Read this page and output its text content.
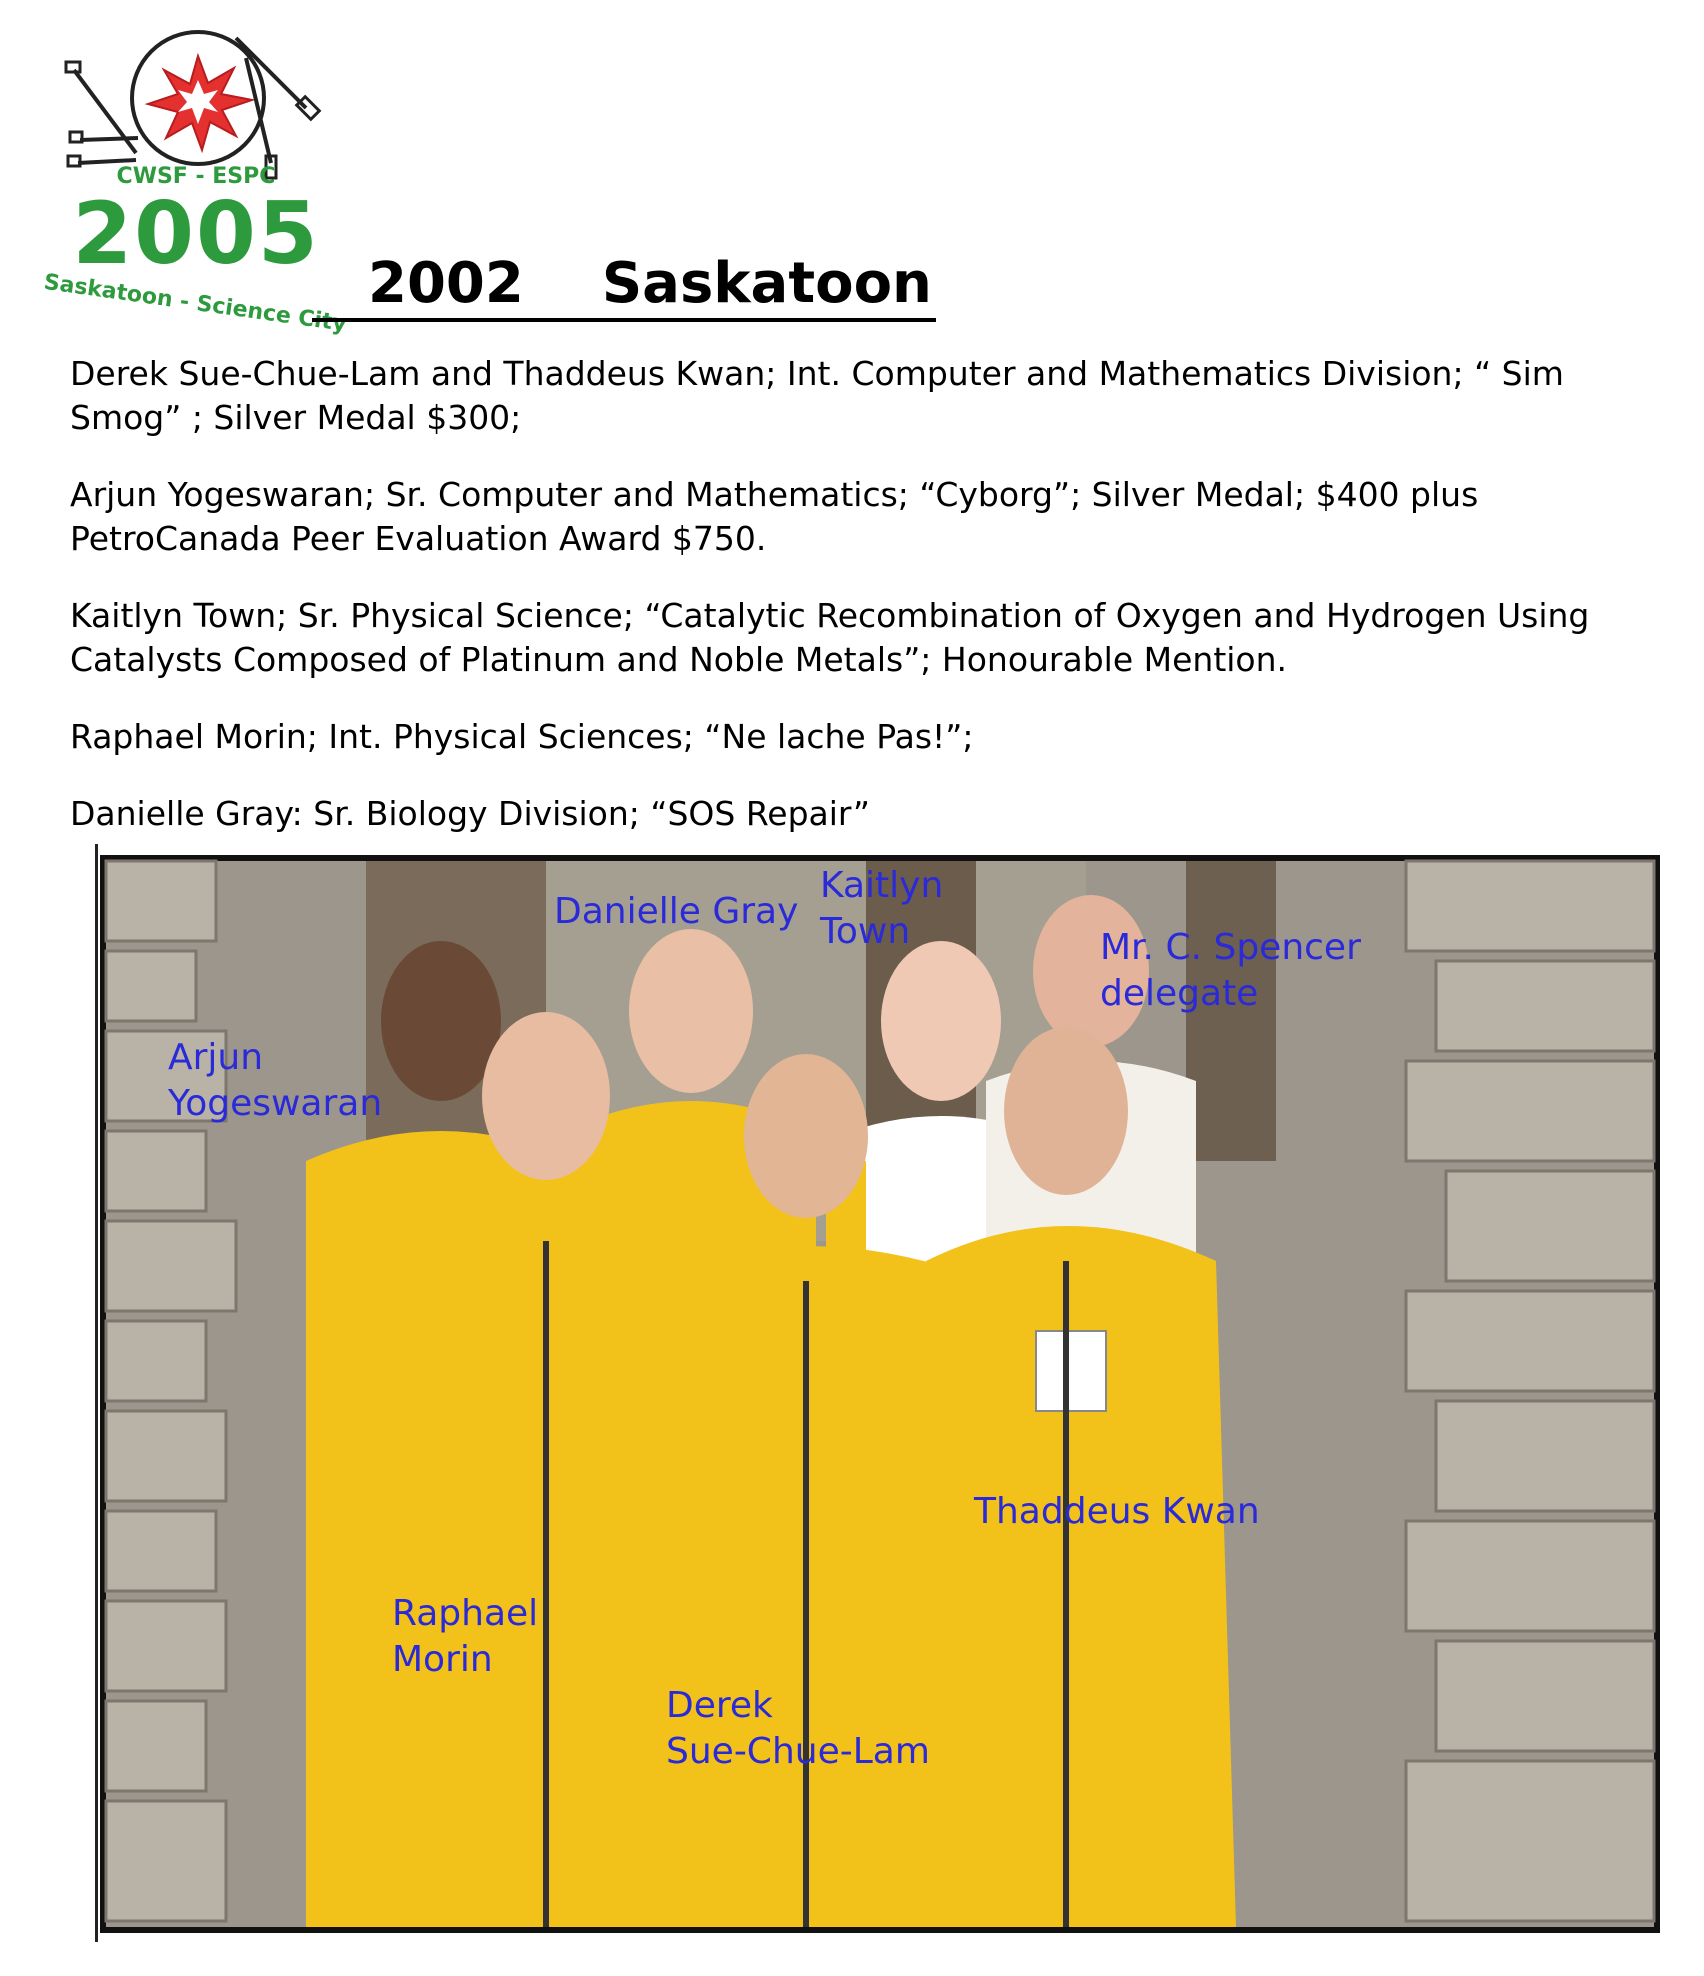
CWSF - ESPC
2005
Saskatoon - Science City 2002 Saskatoon

Derek Sue-Chue-Lam and Thaddeus Kwan; Int. Computer and Mathematics Division; “ Sim Smog” ; Silver Medal $300;

Arjun Yogeswaran; Sr. Computer and Mathematics; “Cyborg”; Silver Medal; $400 plus PetroCanada Peer Evaluation Award $750.

Kaitlyn Town; Sr. Physical Science; “Catalytic Recombination of Oxygen and Hydrogen Using Catalysts Composed of Platinum and Noble Metals”; Honourable Mention.

Raphael Morin; Int. Physical Sciences; “Ne lache Pas!”;

Danielle Gray: Sr. Biology Division; “SOS Repair”

Danielle Gray
Kaitlyn
Town	Mr. C. Spencer
delegate
Arjun
Yogeswaran
Thaddeus Kwan
Raphael
Morin
Derek
Sue-Chue-Lam
